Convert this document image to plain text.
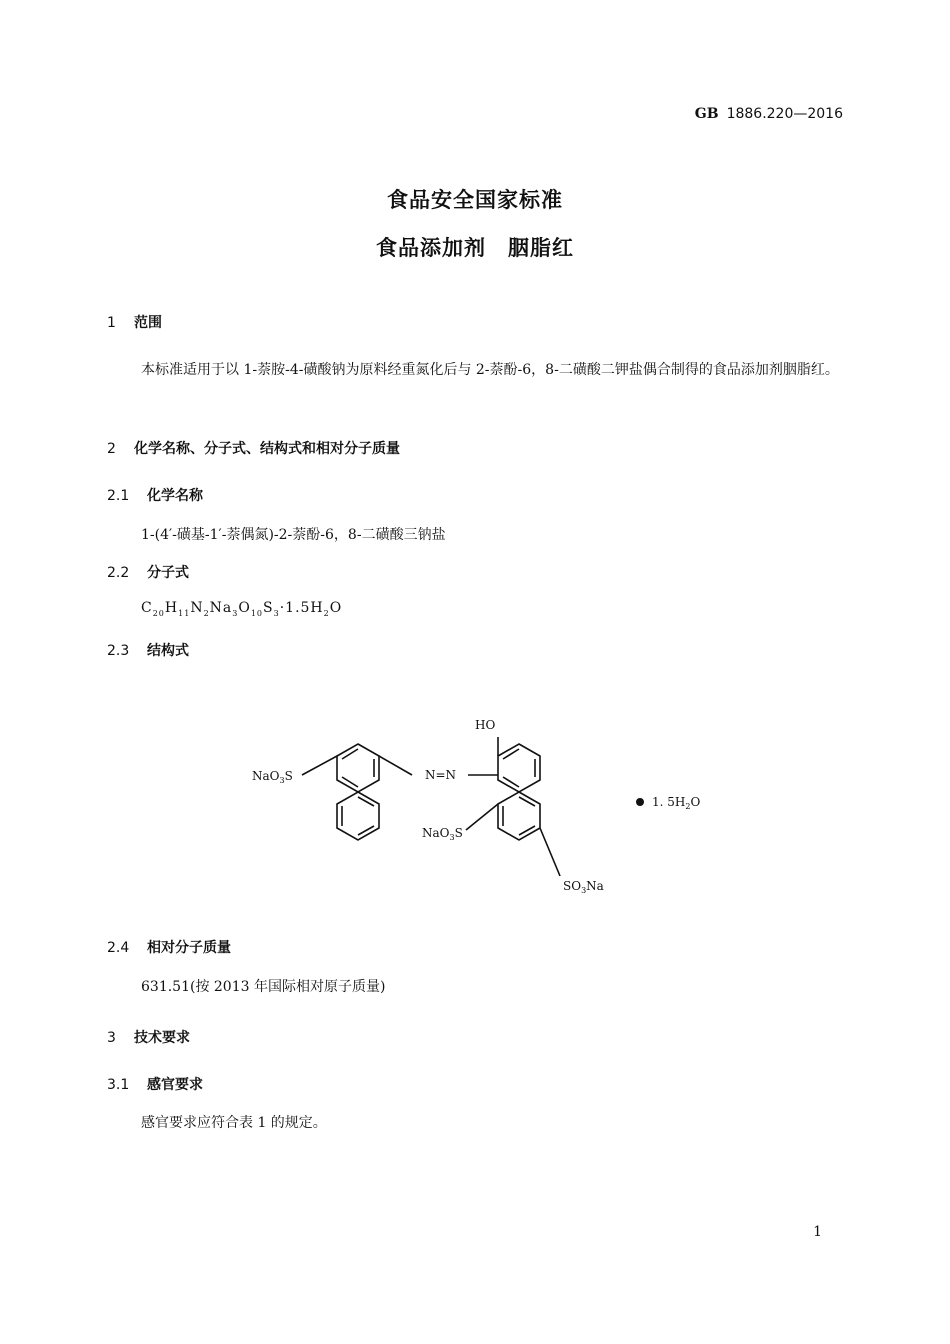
GB 1886.220—2016
食品安全国家标准
食品添加剂 胭脂红
1 范围
本标准适用于以 1-萘胺-4-磺酸钠为原料经重氮化后与 2-萘酚-6，8-二磺酸二钾盐偶合制得的食品添加剂胭脂红。
2 化学名称、分子式、结构式和相对分子质量
2.1 化学名称
1-(4′-磺基-1′-萘偶氮)-2-萘酚-6，8-二磺酸三钠盐
2.2 分子式
$C_{20}H_{11}N_2Na_3O_{10}S_3\cdot 1.5H_2O$
2.3 结构式
HO
N=N
NaO$_3$S
NaO$_3$S
$SO_3Na$
1. $5H_2O$
2.4 相对分子质量
631.51(按 2013 年国际相对原子质量)
3 技术要求
3.1 感官要求
感官要求应符合表 1 的规定。
1
